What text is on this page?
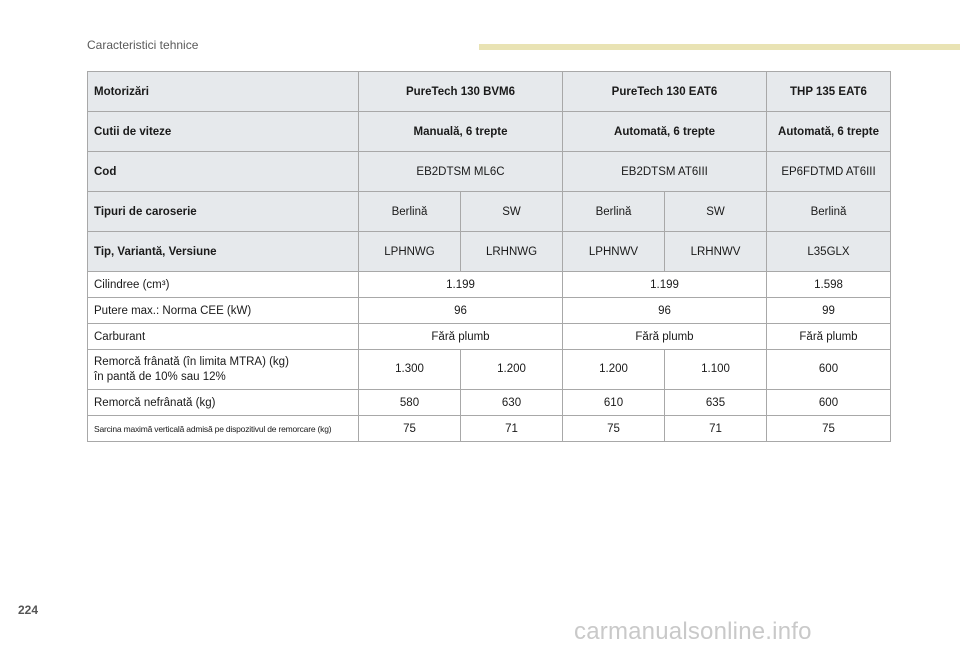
Caracteristici tehnice
Motorizări	PureTech 130 BVM6		PureTech 130 EAT6		THP 135 EAT6
Cutii de viteze	Manuală, 6 trepte		Automată, 6 trepte		Automată, 6 trepte
Cod	EB2DTSM ML6C		EB2DTSM AT6III		EP6FDTMD AT6III
Tipuri de caroserie	Berlină	SW	Berlină	SW	Berlină
Tip, Variantă, Versiune	LPHNWG	LRHNWG	LPHNWV	LRHNWV	L35GLX
Cilindree (cm³)	1.199		1.199		1.598
Putere max.: Norma CEE (kW)	96		96		99
Carburant	Fără plumb		Fără plumb		Fără plumb

Remorcă frânată (în limita MTRA) (kg)
în pantă de 10% sau 12%	1.300	1.200	1.200	1.100	600
Remorcă nefrânată (kg)	580	630	610	635	600
Sarcina maximă verticală admisă pe dispozitivul de remorcare (kg)	75	71	75	71	75
224
carmanualsonline.info
